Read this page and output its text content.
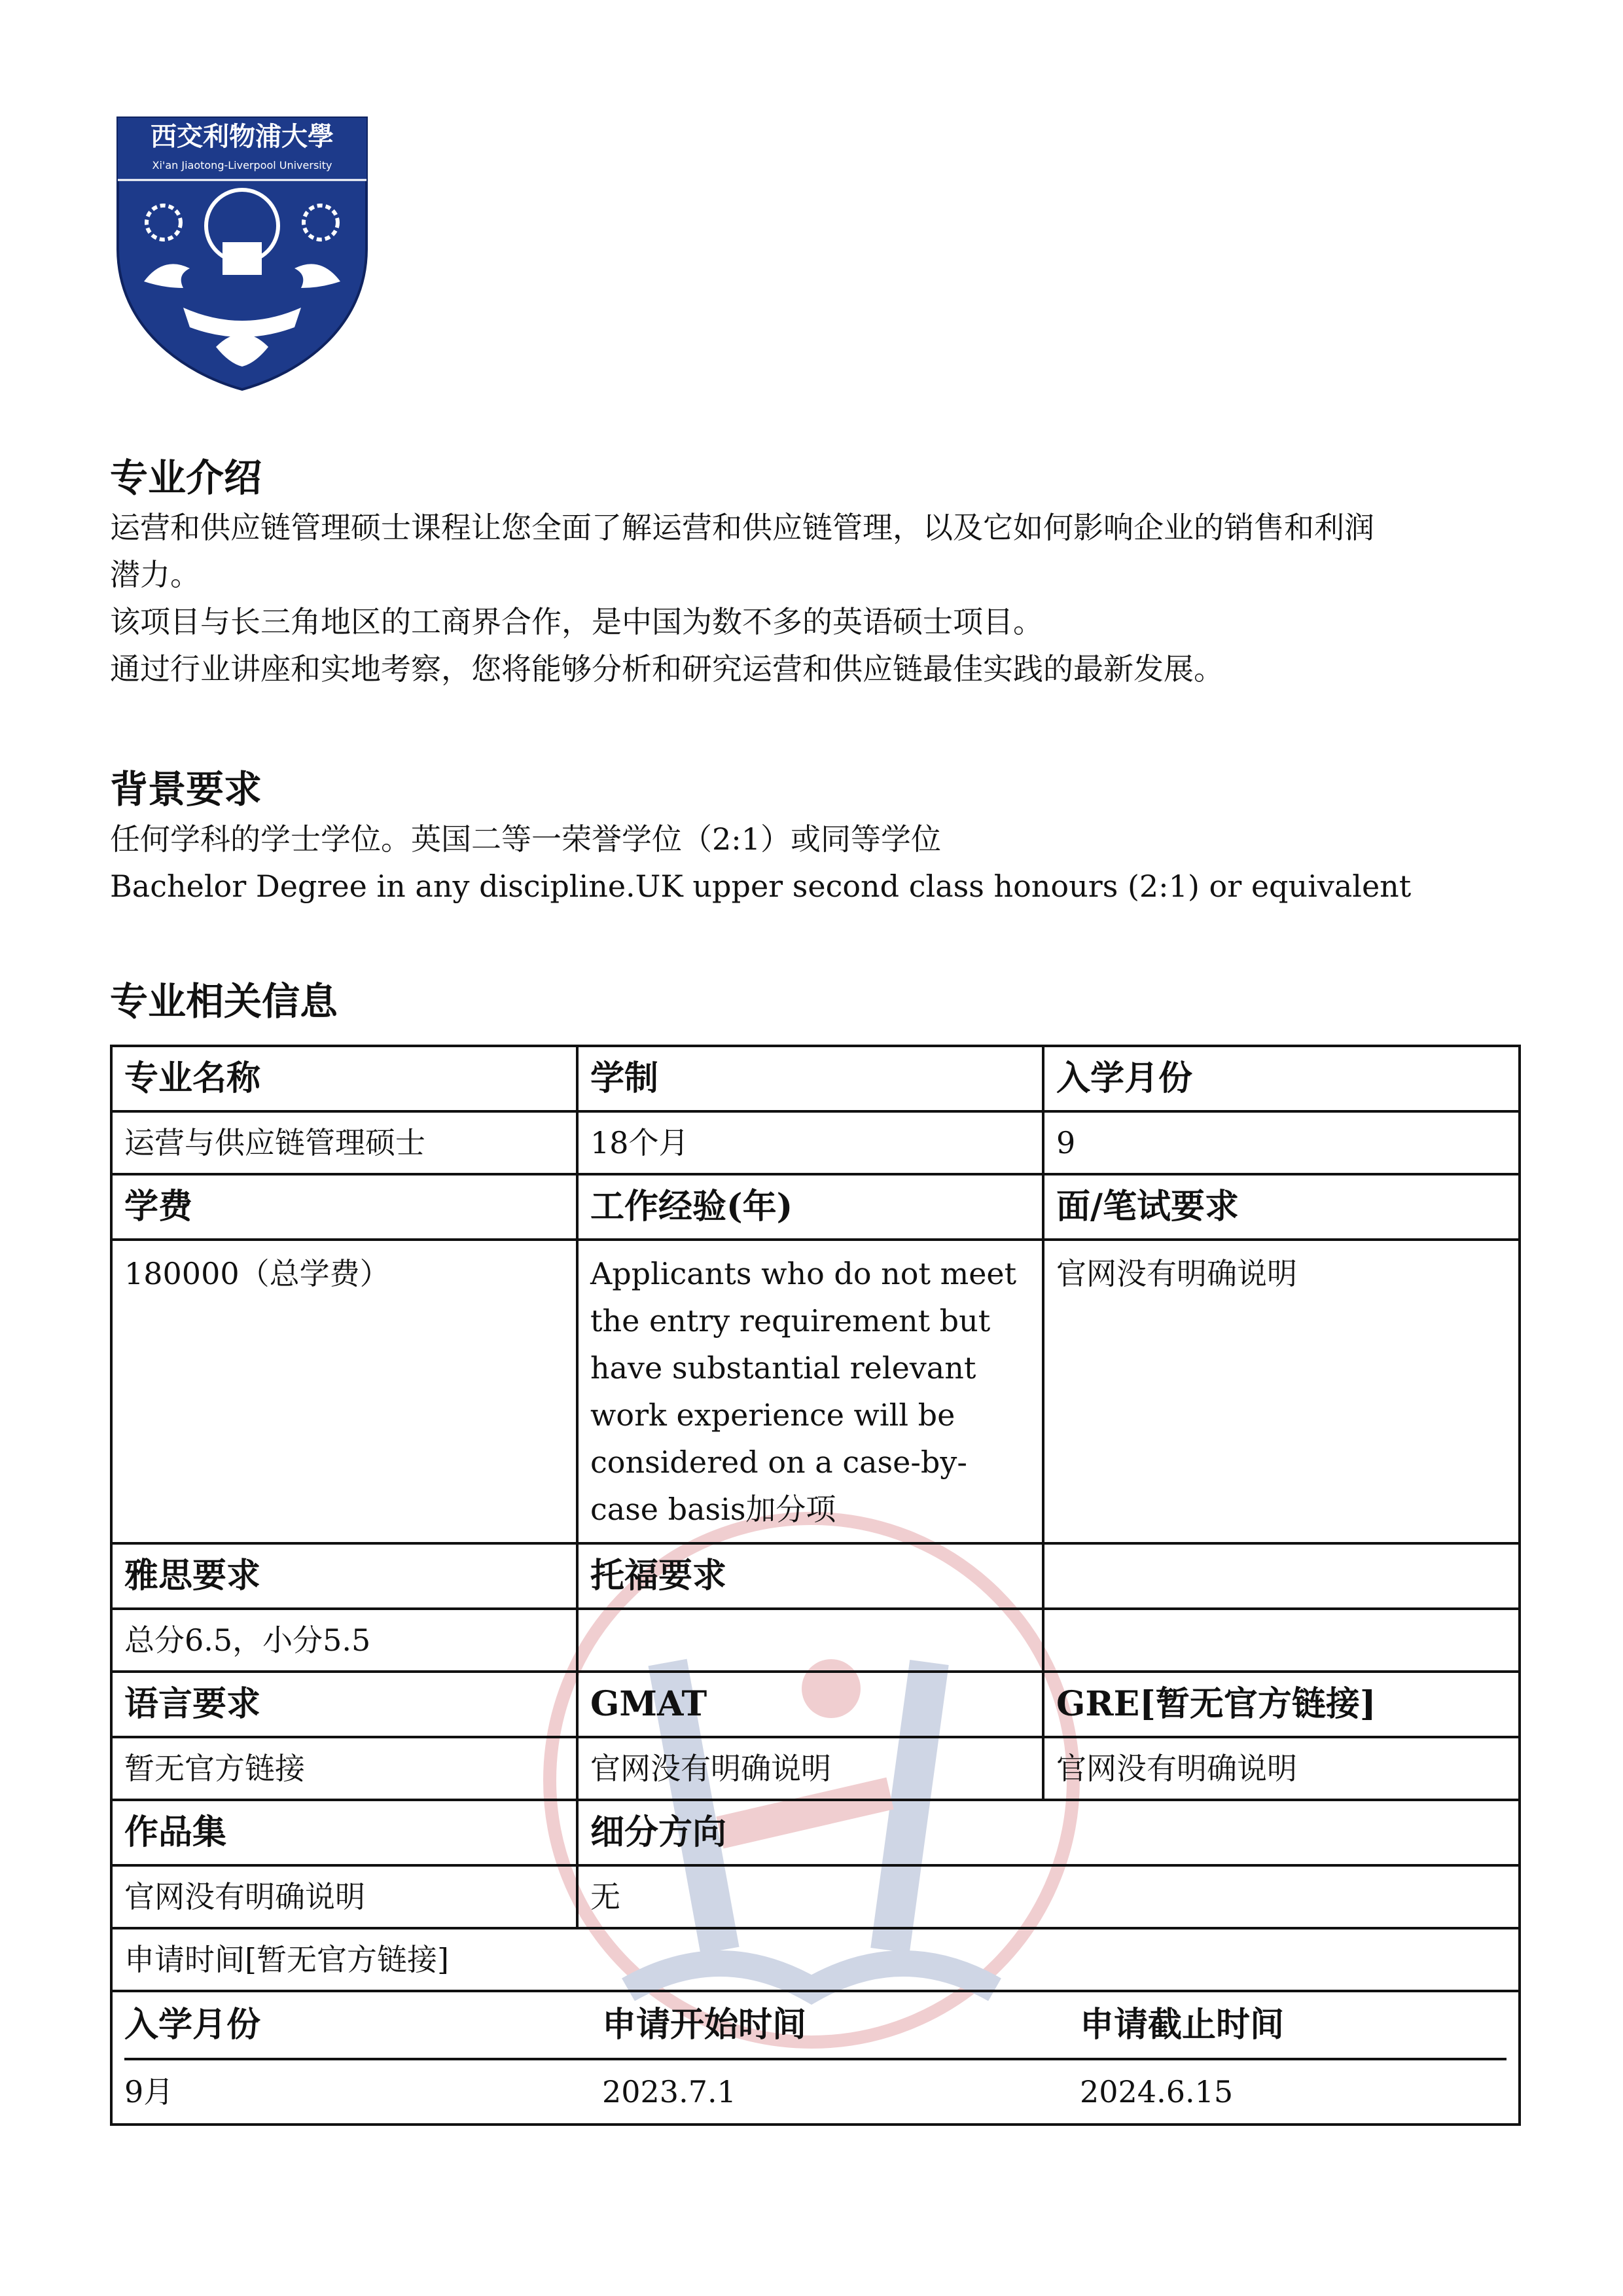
西交利物浦大學
Xi'an Jiaotong-Liverpool University

专业介绍

运营和供应链管理硕士课程让您全面了解运营和供应链管理，以及它如何影响企业的销售和利润

潜力。

该项目与长三角地区的工商界合作，是中国为数不多的英语硕士项目。

通过行业讲座和实地考察，您将能够分析和研究运营和供应链最佳实践的最新发展。

背景要求

任何学科的学士学位。英国二等一荣誉学位（2:1）或同等学位

Bachelor Degree in any discipline.UK upper second class honours (2:1) or equivalent

专业相关信息

专业名称	学制	入学月份
运营与供应链管理硕士	18个月	9
学费	工作经验(年)	面/笔试要求
180000（总学费）	Applicants who do not meet the entry requirement but have substantial relevant work experience will be considered on a case-by-case basis加分项	官网没有明确说明
雅思要求	托福要求	
总分6.5，小分5.5		
语言要求	GMAT	GRE[暂无官方链接]
暂无官方链接	官网没有明确说明	官网没有明确说明
作品集	细分方向
官网没有明确说明	无
申请时间[暂无官方链接]

入学月份	申请开始时间	申请截止时间
9月	2023.7.1	2024.6.15
